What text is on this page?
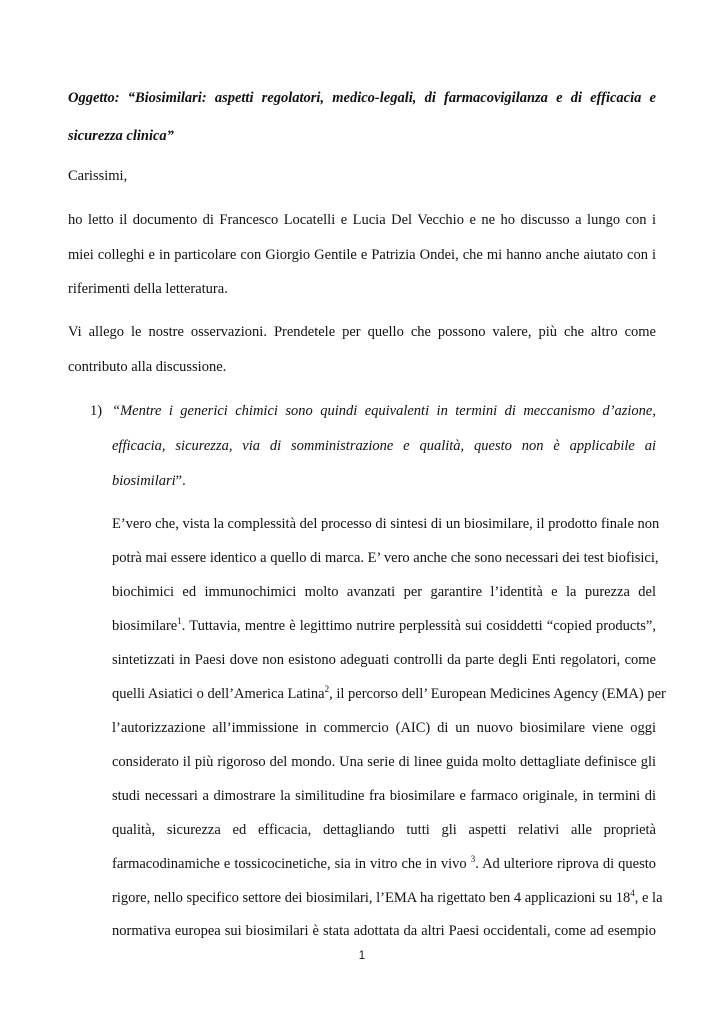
Oggetto: “Biosimilari: aspetti regolatori, medico-legali, di farmacovigilanza e di efficacia e
sicurezza clinica”
Carissimi,
ho letto il documento di Francesco Locatelli e Lucia Del Vecchio e ne ho discusso a lungo con i
miei colleghi e in particolare con Giorgio Gentile e Patrizia Ondei, che mi hanno anche aiutato con i
riferimenti della letteratura.
Vi allego le nostre osservazioni. Prendetele per quello che possono valere, più che altro come
contributo alla discussione.
1) “Mentre i generici chimici sono quindi equivalenti in termini di meccanismo d’azione,
efficacia, sicurezza, via di somministrazione e qualità, questo non è applicabile ai
biosimilari”.
E’vero che, vista la complessità del processo di sintesi di un biosimilare, il prodotto finale non
potrà mai essere identico a quello di marca. E’ vero anche che sono necessari dei test biofisici,
biochimici ed immunochimici molto avanzati per garantire l’identità e la purezza del
biosimilare$^1$. Tuttavia, mentre è legittimo nutrire perplessità sui cosiddetti “copied products”,
sintetizzati in Paesi dove non esistono adeguati controlli da parte degli Enti regolatori, come
quelli Asiatici o dell’America Latina$^2$, il percorso dell’ European Medicines Agency (EMA) per
l’autorizzazione all’immissione in commercio (AIC) di un nuovo biosimilare viene oggi
considerato il più rigoroso del mondo. Una serie di linee guida molto dettagliate definisce gli
studi necessari a dimostrare la similitudine fra biosimilare e farmaco originale, in termini di
qualità, sicurezza ed efficacia, dettagliando tutti gli aspetti relativi alle proprietà
farmacodinamiche e tossicocinetiche, sia in vitro che in vivo $^3$. Ad ulteriore riprova di questo
rigore, nello specifico settore dei biosimilari, l’EMA ha rigettato ben 4 applicazioni su $18^4$, e la
normativa europea sui biosimilari è stata adottata da altri Paesi occidentali, come ad esempio
1
